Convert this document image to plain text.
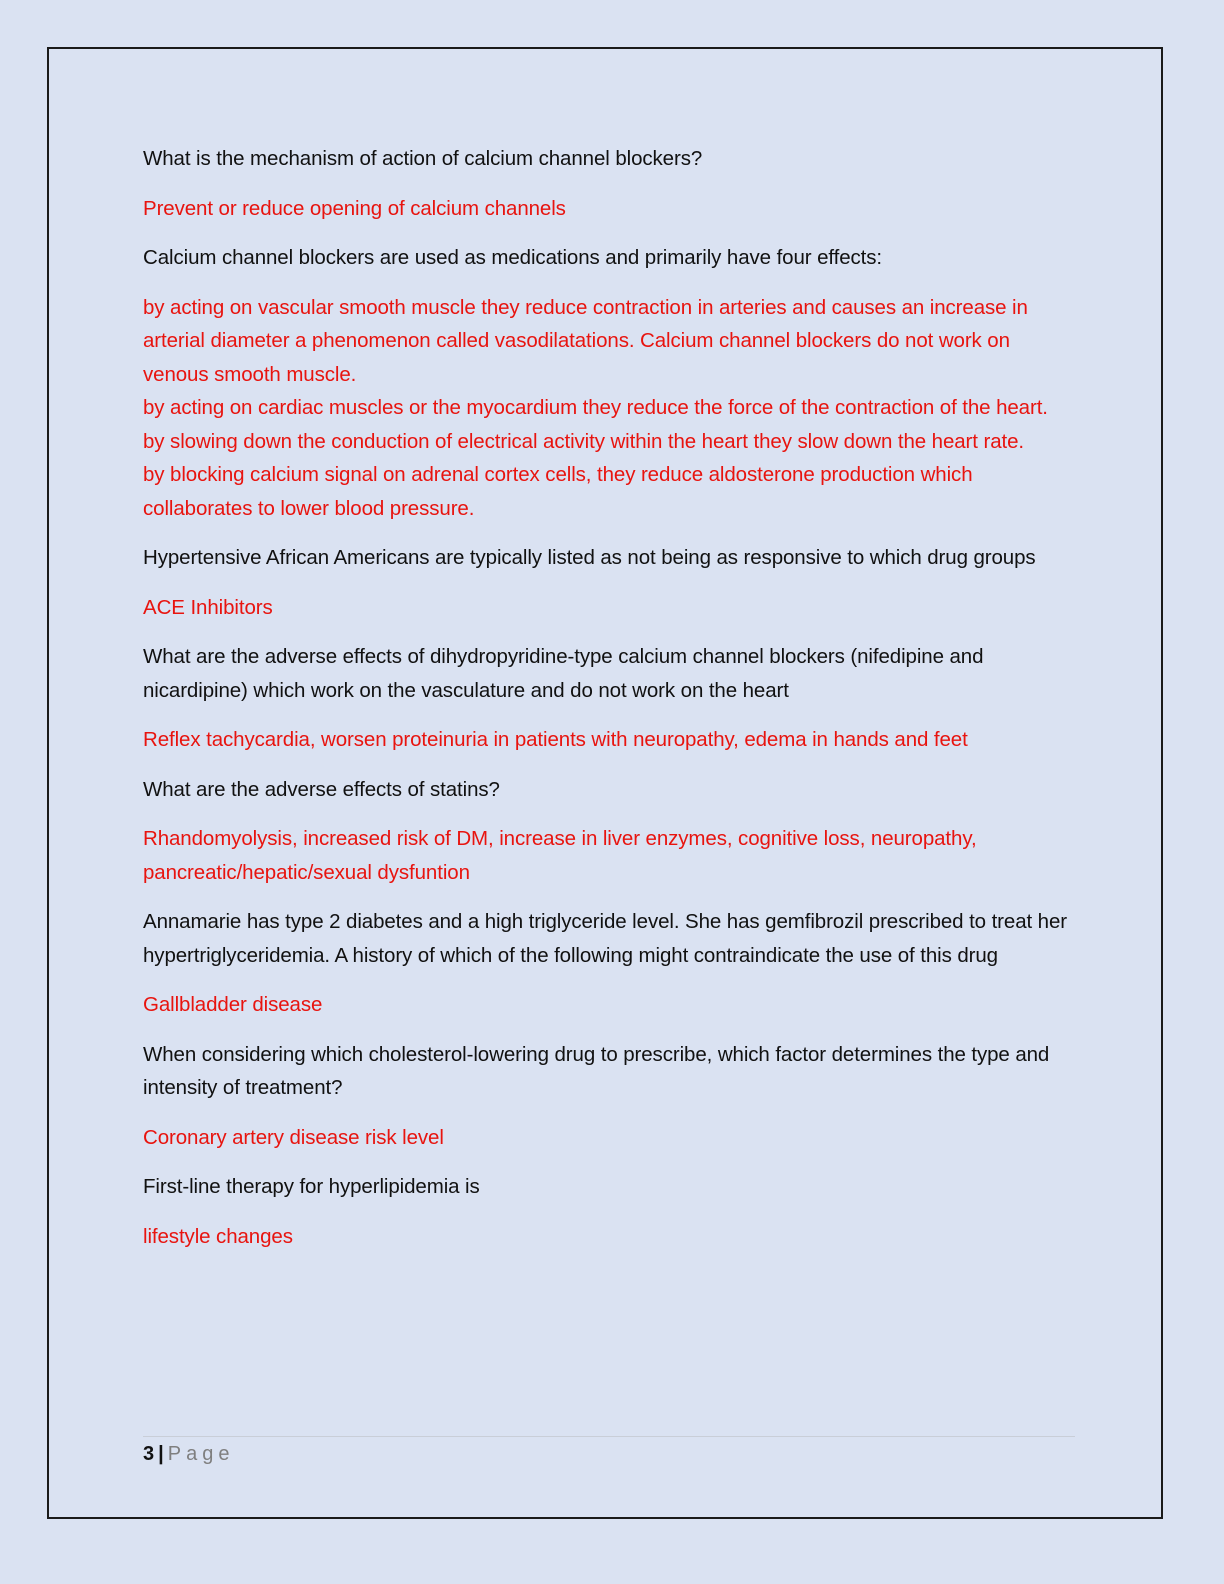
What is the mechanism of action of calcium channel blockers?

Prevent or reduce opening of calcium channels

Calcium channel blockers are used as medications and primarily have four effects:

by acting on vascular smooth muscle they reduce contraction in arteries and causes an increase in arterial diameter a phenomenon called vasodilatations. Calcium channel blockers do not work on venous smooth muscle.
by acting on cardiac muscles or the myocardium they reduce the force of the contraction of the heart.
by slowing down the conduction of electrical activity within the heart they slow down the heart rate.
by blocking calcium signal on adrenal cortex cells, they reduce aldosterone production which collaborates to lower blood pressure.

Hypertensive African Americans are typically listed as not being as responsive to which drug groups

ACE Inhibitors

What are the adverse effects of dihydropyridine-type calcium channel blockers (nifedipine and nicardipine) which work on the vasculature and do not work on the heart

Reflex tachycardia, worsen proteinuria in patients with neuropathy, edema in hands and feet

What are the adverse effects of statins?

Rhandomyolysis, increased risk of DM, increase in liver enzymes, cognitive loss, neuropathy, pancreatic/hepatic/sexual dysfuntion

Annamarie has type 2 diabetes and a high triglyceride level. She has gemfibrozil prescribed to treat her hypertriglyceridemia. A history of which of the following might contraindicate the use of this drug

Gallbladder disease

When considering which cholesterol-lowering drug to prescribe, which factor determines the type and intensity of treatment?

Coronary artery disease risk level

First-line therapy for hyperlipidemia is

lifestyle changes

3 | Page
